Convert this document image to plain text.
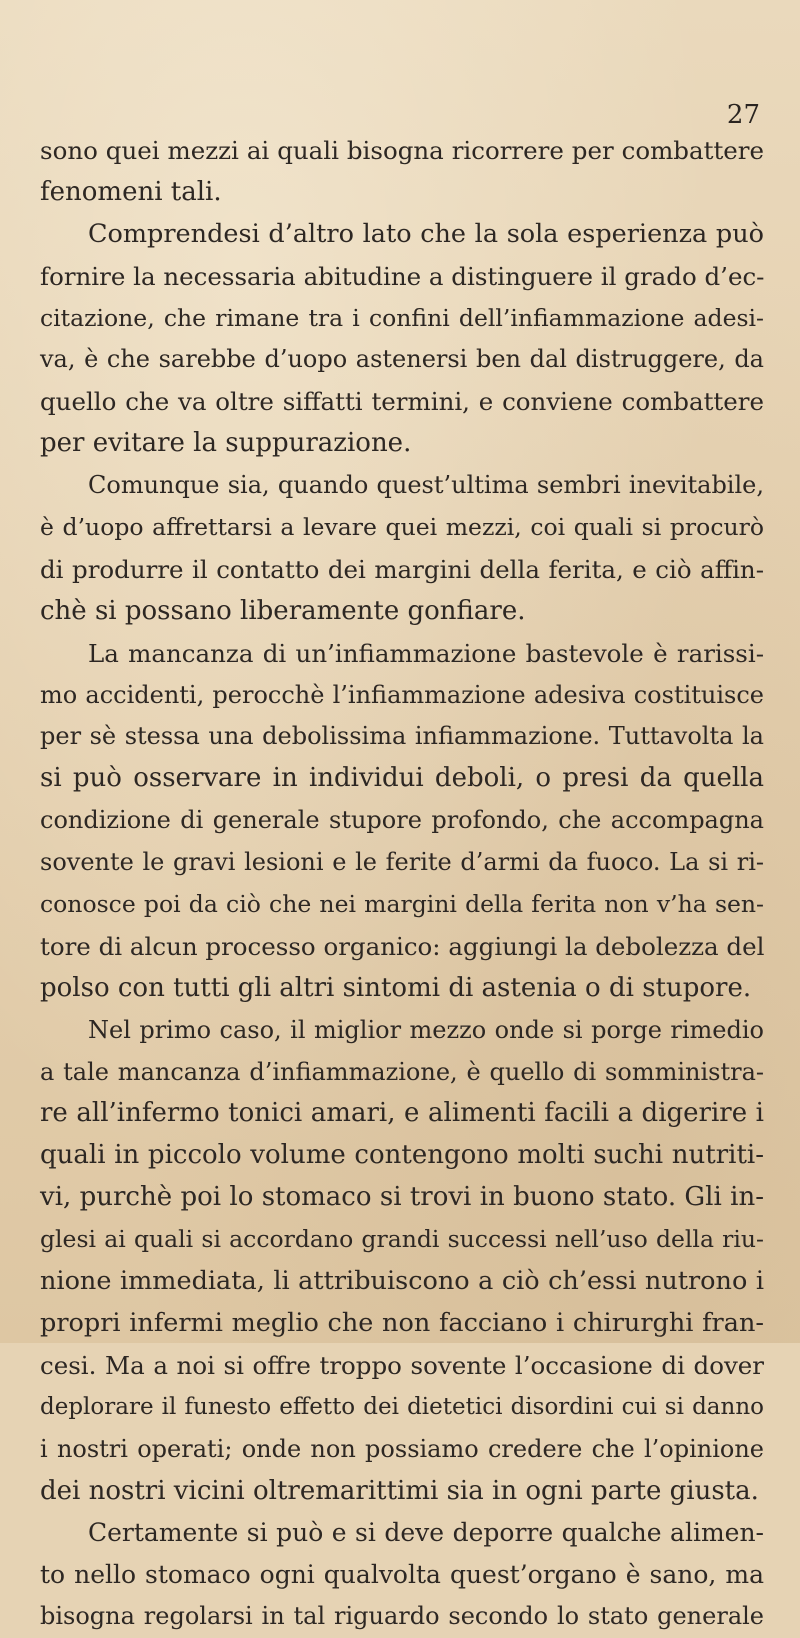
27

sono quei mezzi ai quali bisogna ricorrere per combattere
fenomeni tali.
Comprendesi d’altro lato che la sola esperienza può
fornire la necessaria abitudine a distinguere il grado d’ec-
citazione, che rimane tra i confini dell’infiammazione adesi-
va, è che sarebbe d’uopo astenersi ben dal distruggere, da
quello che va oltre siffatti termini, e conviene combattere
per evitare la suppurazione.
Comunque sia, quando quest’ultima sembri inevitabile,
è d’uopo affrettarsi a levare quei mezzi, coi quali si procurò
di produrre il contatto dei margini della ferita, e ciò affin-
chè si possano liberamente gonfiare.
La mancanza di un’infiammazione bastevole è rarissi-
mo accidenti, perocchè l’infiammazione adesiva costituisce
per sè stessa una debolissima infiammazione. Tuttavolta la
si può osservare in individui deboli, o presi da quella
condizione di generale stupore profondo, che accompagna
sovente le gravi lesioni e le ferite d’armi da fuoco. La si ri-
conosce poi da ciò che nei margini della ferita non v’ha sen-
tore di alcun processo organico: aggiungi la debolezza del
polso con tutti gli altri sintomi di astenia o di stupore.
Nel primo caso, il miglior mezzo onde si porge rimedio
a tale mancanza d’infiammazione, è quello di somministra-
re all’infermo tonici amari, e alimenti facili a digerire i
quali in piccolo volume contengono molti suchi nutriti-
vi, purchè poi lo stomaco si trovi in buono stato. Gli in-
glesi ai quali si accordano grandi successi nell’uso della riu-
nione immediata, li attribuiscono a ciò ch’essi nutrono i
propri infermi meglio che non facciano i chirurghi fran-
cesi. Ma a noi si offre troppo sovente l’occasione di dover
deplorare il funesto effetto dei dietetici disordini cui si danno
i nostri operati; onde non possiamo credere che l’opinione
dei nostri vicini oltremarittimi sia in ogni parte giusta.
Certamente si può e si deve deporre qualche alimen-
to nello stomaco ogni qualvolta quest’organo è sano, ma
bisogna regolarsi in tal riguardo secondo lo stato generale
